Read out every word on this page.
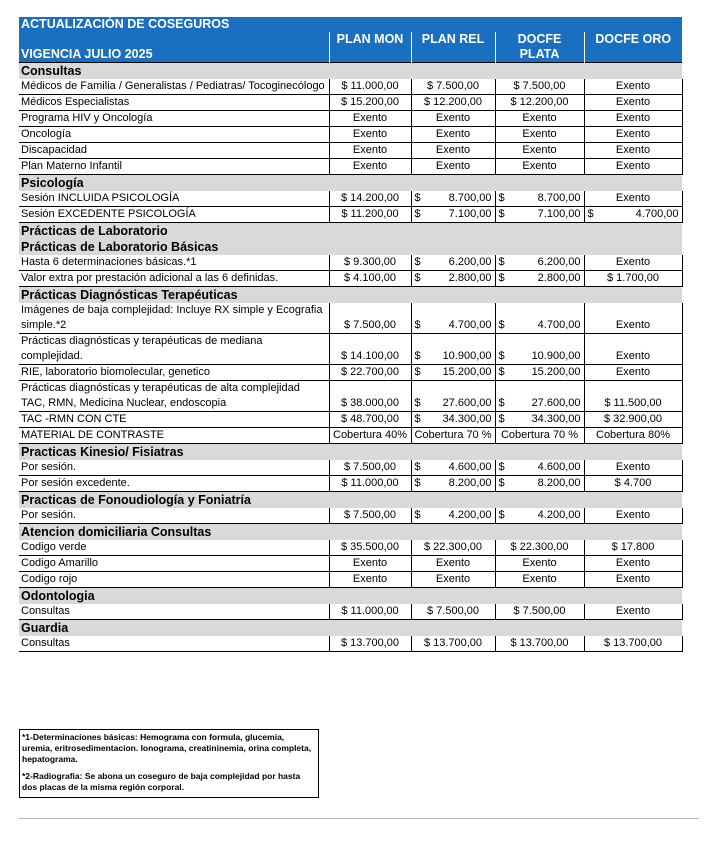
ACTUALIZACIÓN DE COSEGUROS				
VIGENCIA JULIO 2025	PLAN MON	PLAN REL	DOCFE PLATA	DOCFE ORO

Consultas				

Médicos de Familia / Generalistas / Pediatras/ Tocoginecólogo	$ 11.000,00	$ 7.500,00	$ 7.500,00	Exento
Médicos Especialistas	$ 15.200,00	$ 12.200,00	$ 12.200,00	Exento
Programa HIV y Oncología	Exento	Exento	Exento	Exento
Oncología	Exento	Exento	Exento	Exento
Discapacidad	Exento	Exento	Exento	Exento
Plan Materno Infantil	Exento	Exento	Exento	Exento

Psicología				

Sesión INCLUIDA PSICOLOGÍA	$ 14.200,00	$ 8.700,00	$ 8.700,00	Exento
Sesión EXCEDENTE PSICOLOGÍA	$ 11.200,00	$ 7.100,00	$ 7.100,00	$ 4.700,00

Prácticas de Laboratorio
Prácticas de Laboratorio Básicas				

Hasta 6 determinaciones básicas.*1	$ 9.300,00	$ 6.200,00	$ 6.200,00	Exento
Valor extra por prestación adicional a las 6 definidas.	$ 4.100,00	$ 2.800,00	$ 2.800,00	$ 1.700,00

Prácticas Diagnósticas Terapéuticas				

Imágenes de baja complejidad: Incluye RX simple y Ecografia simple.*2	$ 7.500,00	$ 4.700,00	$ 4.700,00	Exento
Prácticas diagnósticas y terapéuticas de mediana complejidad.	$ 14.100,00	$ 10.900,00	$ 10.900,00	Exento
RIE, laboratorio biomolecular, genetico	$ 22.700,00	$ 15.200,00	$ 15.200,00	Exento
Prácticas diagnósticas y terapéuticas de alta complejidad TAC, RMN, Medicina Nuclear, endoscopia	$ 38.000,00	$ 27.600,00	$ 27.600,00	$ 11.500,00
TAC -RMN CON CTE	$ 48.700,00	$ 34.300,00	$ 34.300,00	$ 32.900,00
MATERIAL DE CONTRASTE	Cobertura 40%	Cobertura 70 %	Cobertura 70 %	Cobertura 80%

Practicas Kinesio/ Fisiatras				

Por sesión.	$ 7.500,00	$ 4.600,00	$ 4.600,00	Exento
Por sesión excedente.	$ 11.000,00	$ 8.200,00	$ 8.200,00	$ 4.700

Practicas de Fonoudiología y Foniatría				

Por sesión.	$ 7.500,00	$ 4.200,00	$ 4.200,00	Exento

Atencion domiciliaria Consultas				

Codigo verde	$ 35.500,00	$ 22.300,00	$ 22.300,00	$ 17.800
Codigo Amarillo	Exento	Exento	Exento	Exento
Codigo rojo	Exento	Exento	Exento	Exento

Odontologia				

Consultas	$ 11.000,00	$ 7.500,00	$ 7.500,00	Exento

Guardia				

Consultas	$ 13.700,00	$ 13.700,00	$ 13.700,00	$ 13.700,00

*1-Determinaciones básicas: Hemograma con formula, glucemia, uremia, eritrosedimentacion. Ionograma, creatininemia, orina completa, hepatograma.

*2-Radiografia: Se abona un coseguro de baja complejidad por hasta dos placas de la misma región corporal.
